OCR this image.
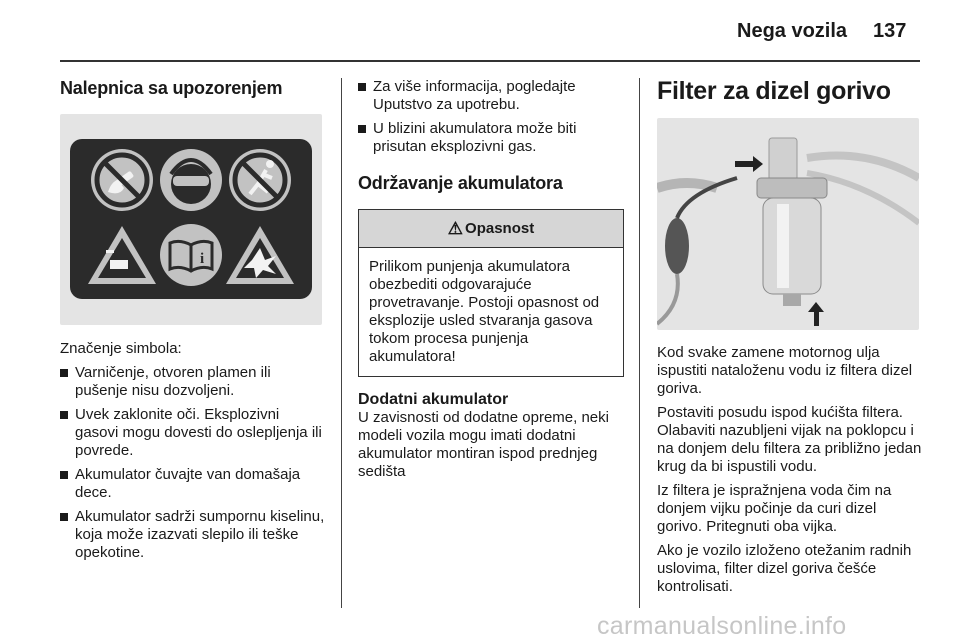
Nega vozila 137
Nalepnica sa upozorenjem
i
Značenje simbola:
Varničenje, otvoren plamen ili pušenje nisu dozvoljeni.
Uvek zaklonite oči. Eksplozivni gasovi mogu dovesti do oslepljenja ili povrede.
Akumulator čuvajte van domašaja dece.
Akumulator sadrži sumpornu kiselinu, koja može izazvati slepilo ili teške opekotine.
Za više informacija, pogledajte Uputstvo za upotrebu.
U blizini akumulatora može biti prisutan eksplozivni gas.
Održavanje akumulatora
⚠ Opasnost
Prilikom punjenja akumulatora obezbediti odgovarajuće provetravanje. Postoji opasnost od eksplozije usled stvaranja gasova tokom procesa punjenja akumulatora!
Dodatni akumulator
U zavisnosti od dodatne opreme, neki modeli vozila mogu imati dodatni akumulator montiran ispod prednjeg sedišta
Filter za dizel gorivo
Kod svake zamene motornog ulja ispustiti nataloženu vodu iz filtera dizel goriva.
Postaviti posudu ispod kućišta filtera. Olabaviti nazubljeni vijak na poklopcu i na donjem delu filtera za približno jedan krug da bi ispustili vodu.
Iz filtera je ispražnjena voda čim na donjem vijku počinje da curi dizel gorivo. Pritegnuti oba vijka.
Ako je vozilo izloženo otežanim radnih uslovima, filter dizel goriva češće kontrolisati.
carmanualsonline.info
